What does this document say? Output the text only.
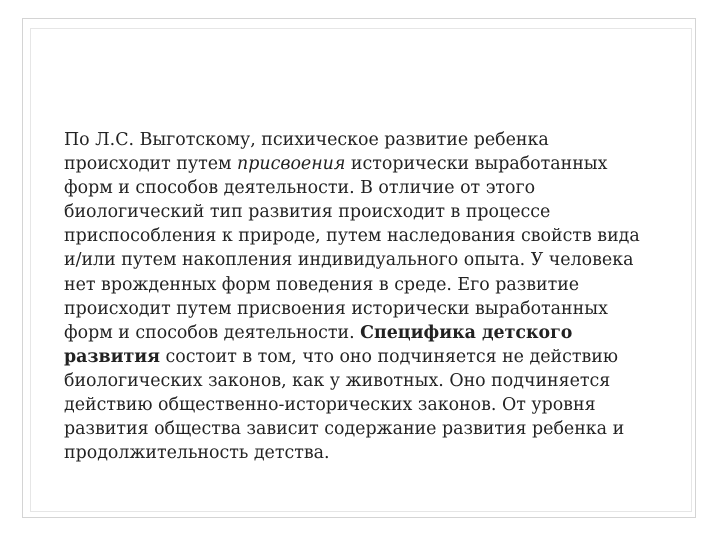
По Л.С. Выготскому, психическое развитие ребенка
происходит путем присвоения исторически выработанных
форм и способов деятельности. В отличие от этого
биологический тип развития происходит в процессе
приспособления к природе, путем наследования свойств вида
и/или путем накопления индивидуального опыта. У человека
нет врожденных форм поведения в среде. Его развитие
происходит путем присвоения исторически выработанных
форм и способов деятельности. Специфика детского
развития состоит в том, что оно подчиняется не действию
биологических законов, как у животных. Оно подчиняется
действию общественно-исторических законов. От уровня
развития общества зависит содержание развития ребенка и
продолжительность детства.
